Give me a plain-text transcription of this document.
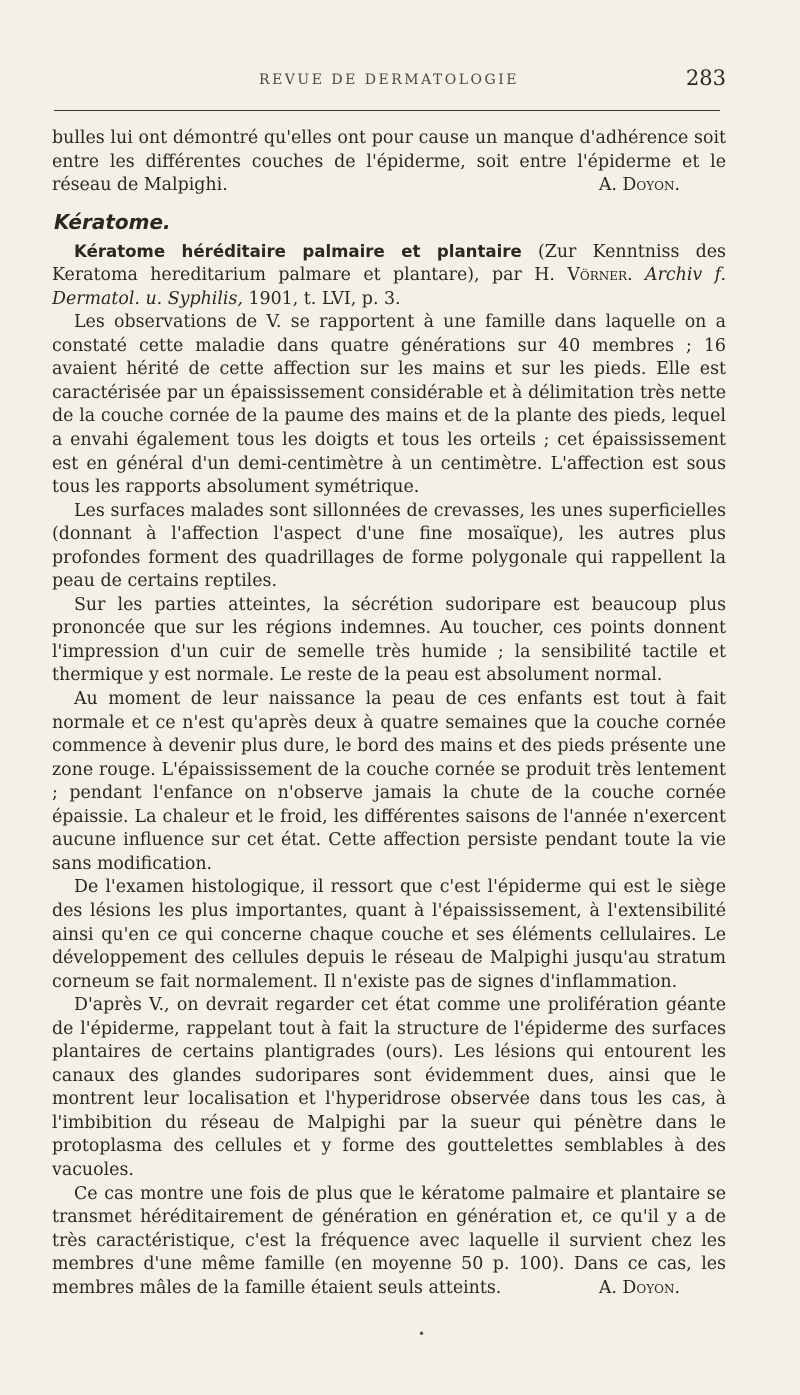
REVUE DE DERMATOLOGIE	283

bulles lui ont démontré qu'elles ont pour cause un manque d'adhérence soit entre les différentes couches de l'épiderme, soit entre l'épiderme et le réseau de Malpighi.	A. Doyon.

Kératome.

Kératome héréditaire palmaire et plantaire (Zur Kenntniss des Keratoma hereditarium palmare et plantare), par H. Vörner. Archiv f. Dermatol. u. Syphilis, 1901, t. LVI, p. 3.

Les observations de V. se rapportent à une famille dans laquelle on a constaté cette maladie dans quatre générations sur 40 membres ; 16 avaient hérité de cette affection sur les mains et sur les pieds. Elle est caractérisée par un épaississement considérable et à délimitation très nette de la couche cornée de la paume des mains et de la plante des pieds, lequel a envahi également tous les doigts et tous les orteils ; cet épaississement est en général d'un demi-centimètre à un centimètre. L'affection est sous tous les rapports absolument symétrique.

Les surfaces malades sont sillonnées de crevasses, les unes superficielles (donnant à l'affection l'aspect d'une fine mosaïque), les autres plus profondes forment des quadrillages de forme polygonale qui rappellent la peau de certains reptiles.

Sur les parties atteintes, la sécrétion sudoripare est beaucoup plus prononcée que sur les régions indemnes. Au toucher, ces points donnent l'impression d'un cuir de semelle très humide ; la sensibilité tactile et thermique y est normale. Le reste de la peau est absolument normal.

Au moment de leur naissance la peau de ces enfants est tout à fait normale et ce n'est qu'après deux à quatre semaines que la couche cornée commence à devenir plus dure, le bord des mains et des pieds présente une zone rouge. L'épaississement de la couche cornée se produit très lentement ; pendant l'enfance on n'observe jamais la chute de la couche cornée épaissie. La chaleur et le froid, les différentes saisons de l'année n'exercent aucune influence sur cet état. Cette affection persiste pendant toute la vie sans modification.

De l'examen histologique, il ressort que c'est l'épiderme qui est le siège des lésions les plus importantes, quant à l'épaississement, à l'extensibilité ainsi qu'en ce qui concerne chaque couche et ses éléments cellulaires. Le développement des cellules depuis le réseau de Malpighi jusqu'au stratum corneum se fait normalement. Il n'existe pas de signes d'inflammation.

D'après V., on devrait regarder cet état comme une prolifération géante de l'épiderme, rappelant tout à fait la structure de l'épiderme des surfaces plantaires de certains plantigrades (ours). Les lésions qui entourent les canaux des glandes sudoripares sont évidemment dues, ainsi que le montrent leur localisation et l'hyperidrose observée dans tous les cas, à l'imbibition du réseau de Malpighi par la sueur qui pénètre dans le protoplasma des cellules et y forme des gouttelettes semblables à des vacuoles.

Ce cas montre une fois de plus que le kératome palmaire et plantaire se transmet héréditairement de génération en génération et, ce qu'il y a de très caractéristique, c'est la fréquence avec laquelle il survient chez les membres d'une même famille (en moyenne 50 p. 100). Dans ce cas, les membres mâles de la famille étaient seuls atteints.	A. Doyon.

•
